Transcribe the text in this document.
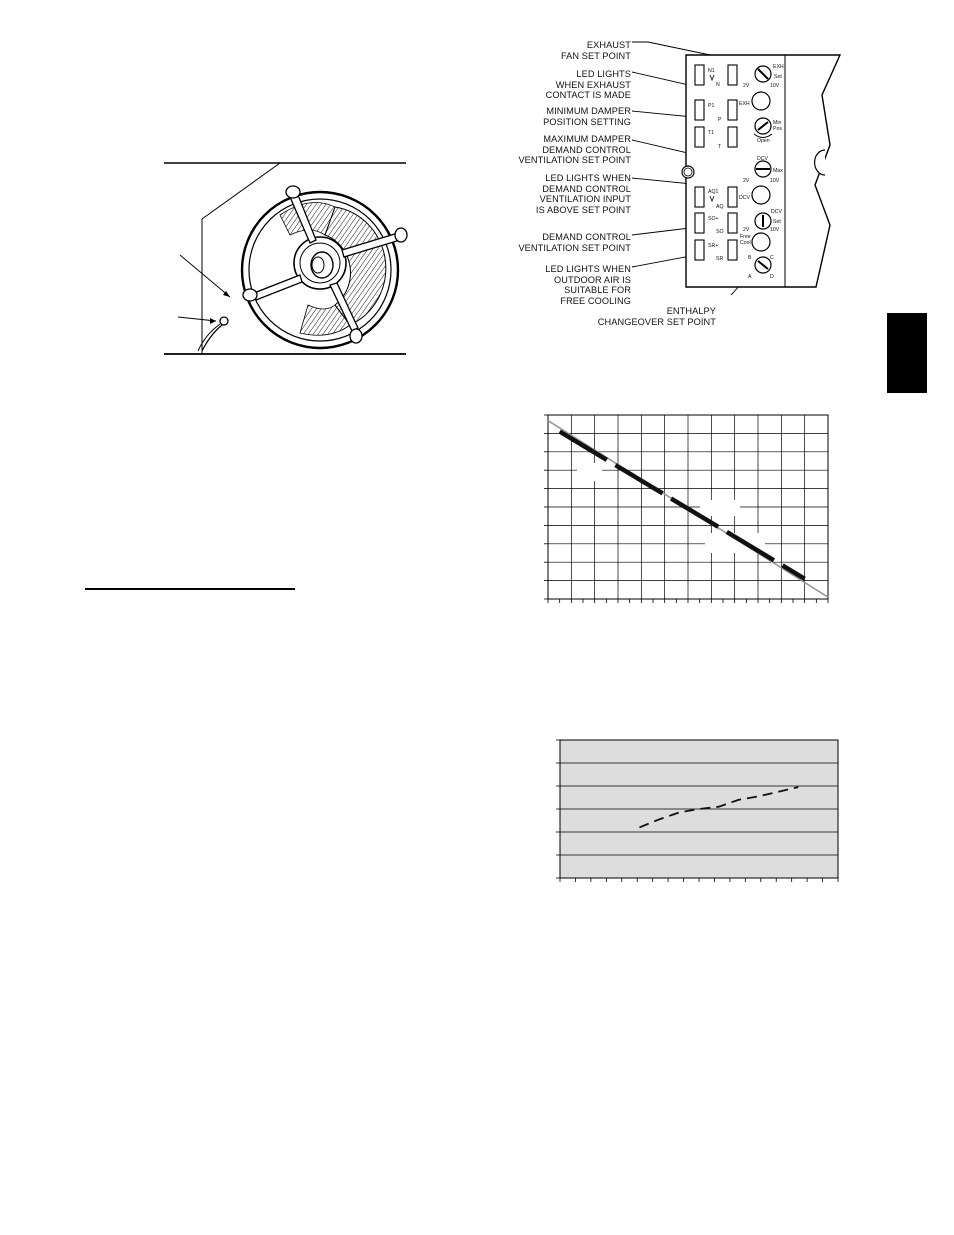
EXHAUST
FAN SET POINT
LED LIGHTS
WHEN EXHAUST
CONTACT IS MADE
MINIMUM DAMPER
POSITION SETTING
MAXIMUM DAMPER
DEMAND CONTROL
VENTILATION SET POINT
LED LIGHTS WHEN
DEMAND CONTROL
VENTILATION INPUT
IS ABOVE SET POINT
DEMAND CONTROL
VENTILATION SET POINT
LED LIGHTS WHEN
OUTDOOR AIR IS
SUITABLE FOR
FREE COOLING
ENTHALPY
CHANGEOVER SET POINT
N1
N
P1
P
T1
T
AQ1
AQ
SO+
SO
SR+
SR
EXH
Set
2V	10V
EXH
Min
Pos
Open
DCV
Max
2V	10V
DCV
DCV
Set
2V	10V
Free
Cool
B	C
A	D
